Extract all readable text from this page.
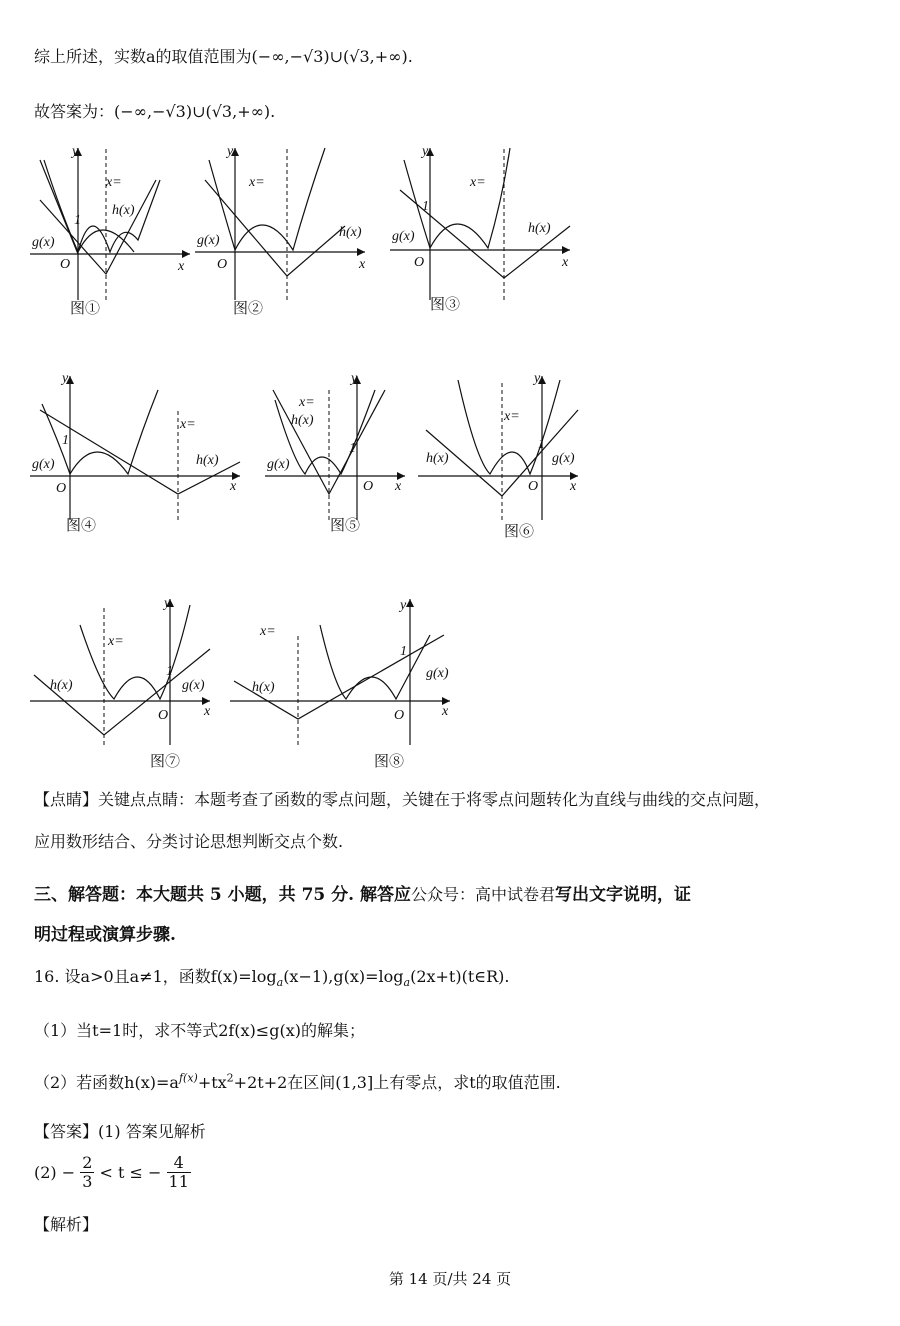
综上所述，实数a的取值范围为(−∞,−√3)∪(√3,+∞).
故答案为：(−∞,−√3)∪(√3,+∞).
y
x
O
1
g(x)
h(x)
x=
图①
y
x
O
g(x)
h(x)
x=
图②
y
x
O
1
g(x)
h(x)
x=
图③
y
x
O
1
g(x)	h(x)
x=
图④
y
x
O
1
g(x)
h(x)
x=
图⑤
y
x
O
1
g(x)
h(x)
x=
图⑥
y
x
O
1
g(x)
h(x)
x=
图⑦
y
x
O
1
g(x)
h(x)
x=
图⑧
【点睛】关键点点睛：本题考查了函数的零点问题，关键在于将零点问题转化为直线与曲线的交点问题，
应用数形结合、分类讨论思想判断交点个数.
三、解答题：本大题共 5 小题，共 75 分. 解答应公众号：高中试卷君写出文字说明，证
明过程或演算步骤.
16. 设a>0且a≠1，函数$f(x)=\log_a(x-1),g(x)=\log_a(2x+t)(t\in R)$.
（1）当t=1时，求不等式2f(x)≤g(x)的解集；
（2）若函数$h(x)=a^{f(x)}+tx^2+2t+2$在区间(1,3]上有零点，求t的取值范围.
【答案】(1) 答案见解析
$(2) - \frac{2}{3} < t$ ≤ − $\frac{4}{11}$
【解析】
第 14 页/共 24 页
